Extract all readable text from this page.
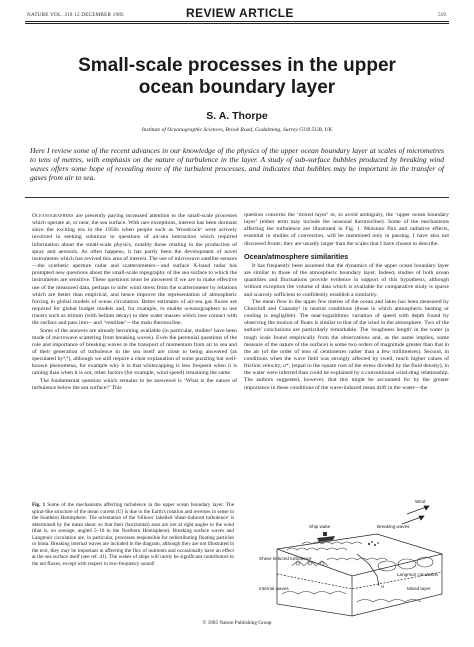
NATURE VOL. 318 12 DECEMBER 1985	REVIEW ARTICLE	519
Small-scale processes in the upper ocean boundary layer
S. A. Thorpe
Institute of Oceanographic Sciences, Brook Road, Godalming, Surrey GU8 5UB, UK
Here I review some of the recent advances in our knowledge of the physics of the upper ocean boundary layer at scales of micrometres to tens of metres, with emphasis on the nature of turbulence in the layer. A study of sub-surface bubbles produced by breaking wind waves offers some hope of revealing more of the turbulent processes, and indicates that bubbles may be important in the transfer of gases from air to sea.

Oceanographers are presently paying increased attention to the small-scale processes which operate at, or near, the sea surface. With rare exceptions, interest has been dormant since the exciting era in the 1950s when people such as Woodcock¹ were actively involved in seeking solutions to questions of air-sea interaction which required information about the small-scale physics, notably those relating to the production of spray and aerosols. As often happens, it has partly been the development of novel instruments which has revived this area of interest. The use of microwave satellite sensors—the synthetic aperture radar and scatterometers—and surface X-band radar has prompted new questions about the small-scale topography of the sea surface to which the instruments are sensitive. These questions must be answered if we are to make effective use of the measured data, perhaps to infer wind stress from the scatterometer by relations which are better than empirical, and hence improve the representation of atmospheric forcing in global models of ocean circulation. Better estimates of air-sea gas fluxes are required for global budget models and, for example, to enable oceanographers to use tracers such as tritium (with helium decay) to date water masses which lose contact with the surface and pass into—and ‘ventilate’—the main thermocline.

Some of the answers are already becoming available (in particular, studies² have been made of microwave scattering from breaking waves). Even the perennial questions of the role and importance of breaking waves in the transport of momentum from air to sea and of their generation of turbulence in the sea itself are close to being answered (as speculated by³,⁴), although we still require a clear explanation of some puzzling but well-known phenomena, for example why it is that whitecapping is less frequent when it is raining than when it is not, other factors (for example, wind speed) remaining the same.

The fundamental question which remains to be answered is ‘What is the nature of turbulence below the sea surface?’ This

Fig. 1 Some of the mechanisms affecting turbulence in the upper ocean boundary layer. The spiral-like structure of the mean current (U) is due to the Earth's rotation and reverses in sense in the Southern Hemisphere. The orientation of the 'billows' labelled 'shear-induced turbulence' is determined by the mean shear, so that their (horizontal) axes are not at right angles to the wind (that is, on average, angled 5–10 in the Northern Hemisphere). Breaking surface waves and Langmuir circulation are, in particular, processes responsible for redistributing floating particles or biota. Breaking internal waves are included in the diagram, although they are not illustrated in the text, they may be important in affecting the flux of nutrients and occasionally have an effect at the sea surface itself (see ref. 41). The wakes of ships will rarely be significant contributors to the net fluxes, except with respect to low-frequency sound!

question concerns the ‘mixed layer’ or, to avoid ambiguity, the ‘upper ocean boundary layer’ (either term may include the seasonal thermocline). Some of the mechanisms affecting the turbulence are illustrated in Fig. 1. Moisture flux and radiative effects, essential in studies of convection, will be mentioned only in passing. I have also not discussed fronts; they are usually larger than the scales that I have chosen to describe.

Ocean/atmosphere similarities

It has frequently been assumed that the dynamics of the upper ocean boundary layer are similar to those of the atmospheric boundary layer. Indeed, studies of both ocean quantities and fluctuations provide evidence in support of this hypothesis, although without exception the volume of data which is available for comparative study is sparse and scarcely sufficient to confidently establish a similarity.

The mean flow in the upper few metres of the ocean and lakes has been measured by Churchill and Csanady⁵ in neutral conditions (those in which atmospheric heating or cooling is negligible). The near-logarithmic variation of speed with depth found by observing the motion of floats is similar to that of the wind in the atmosphere. Two of the authors' conclusions are particularly remarkable. The 'roughness length' in the water (a tough scale found empirically from the observations and, as the name implies, some measure of the nature of the surface) is some two orders of magnitude greater than that in the air (of the order of tens of centimetres rather than a few millimetres). Second, in conditions when the wave field was strongly affected by swell, much higher values of friction velocity, u*, (equal to the square root of the stress divided by the fluid density), in the water were inferred than could be explained by a conventional wind-drag relationship. The authors suggested, however, that this might be accounted for by the greater importance in these conditions of the wave-induced mean drift in the water—the

Breaking waves
Wind
Langmuir circulation
Shear-induced turbulence
Internal waves
Ship wake
U	Mixed layer
© 1985 Nature Publishing Group
